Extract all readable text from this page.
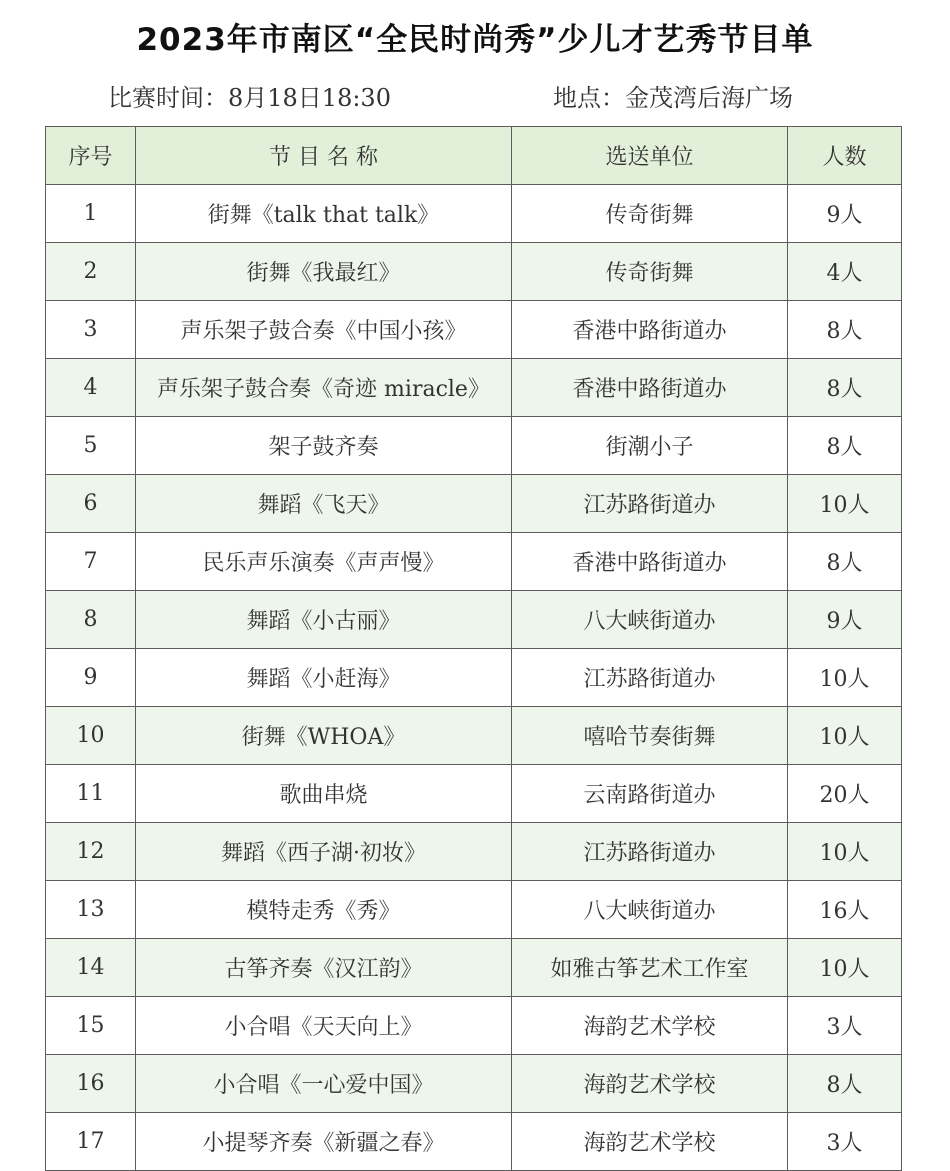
2023年市南区“全民时尚秀”少儿才艺秀节目单
比赛时间：8月18日18:30	地点：金茂湾后海广场
序号	节 目 名 称	选送单位	人数
1	街舞《talk that talk》	传奇街舞	9人
2	街舞《我最红》	传奇街舞	4人
3	声乐架子鼓合奏《中国小孩》	香港中路街道办	8人
4	声乐架子鼓合奏《奇迹 miracle》	香港中路街道办	8人
5	架子鼓齐奏	街潮小子	8人
6	舞蹈《飞天》	江苏路街道办	10人
7	民乐声乐演奏《声声慢》	香港中路街道办	8人
8	舞蹈《小古丽》	八大峡街道办	9人
9	舞蹈《小赶海》	江苏路街道办	10人
10	街舞《WHOA》	嘻哈节奏街舞	10人
11	歌曲串烧	云南路街道办	20人
12	舞蹈《西子湖·初妆》	江苏路街道办	10人
13	模特走秀《秀》	八大峡街道办	16人
14	古筝齐奏《汉江韵》	如雅古筝艺术工作室	10人
15	小合唱《天天向上》	海韵艺术学校	3人
16	小合唱《一心爱中国》	海韵艺术学校	8人
17	小提琴齐奏《新疆之春》	海韵艺术学校	3人
